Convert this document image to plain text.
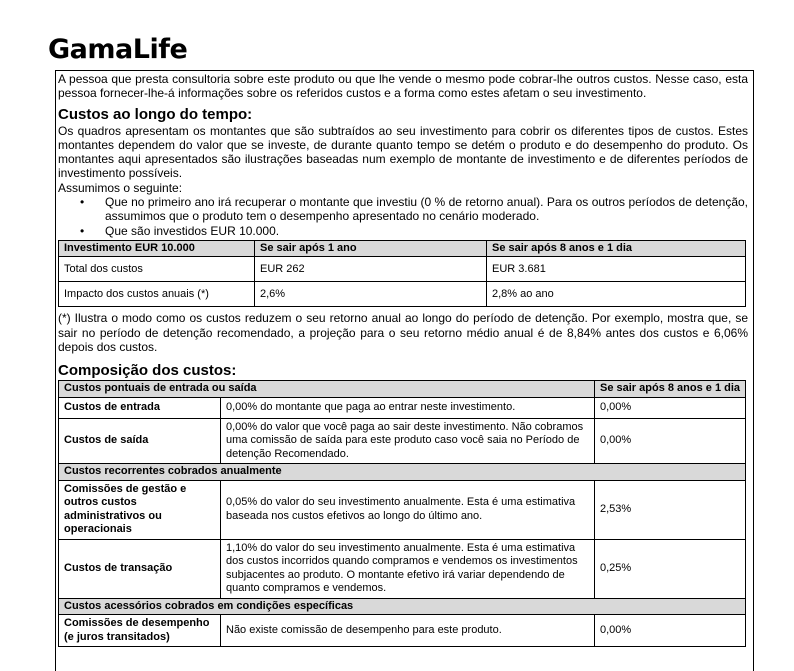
GamaLife

A pessoa que presta consultoria sobre este produto ou que lhe vende o mesmo pode cobrar-lhe outros custos. Nesse caso, esta pessoa fornecer-lhe-á informações sobre os referidos custos e a forma como estes afetam o seu investimento.

Custos ao longo do tempo:

Os quadros apresentam os montantes que são subtraídos ao seu investimento para cobrir os diferentes tipos de custos. Estes montantes dependem do valor que se investe, de durante quanto tempo se detém o produto e do desempenho do produto. Os montantes aqui apresentados são ilustrações baseadas num exemplo de montante de investimento e de diferentes períodos de investimento possíveis.

Assumimos o seguinte:

• Que no primeiro ano irá recuperar o montante que investiu (0 % de retorno anual). Para os outros períodos de detenção, assumimos que o produto tem o desempenho apresentado no cenário moderado.
• Que são investidos EUR 10.000.
Investimento EUR 10.000	Se sair após 1 ano	Se sair após 8 anos e 1 dia
Total dos custos	EUR 262	EUR 3.681
Impacto dos custos anuais (*)	2,6%	2,8% ao ano

(*) Ilustra o modo como os custos reduzem o seu retorno anual ao longo do período de detenção. Por exemplo, mostra que, se sair no período de detenção recomendado, a projeção para o seu retorno médio anual é de 8,84% antes dos custos e 6,06% depois dos custos.

Composição dos custos:
Custos pontuais de entrada ou saída		Se sair após 8 anos e 1 dia
Custos de entrada	0,00% do montante que paga ao entrar neste investimento.	0,00%
Custos de saída	0,00% do valor que você paga ao sair deste investimento. Não cobramos uma comissão de saída para este produto caso você saia no Período de detenção Recomendado.	0,00%
Custos recorrentes cobrados anualmente		
Comissões de gestão e outros custos administrativos ou operacionais	0,05% do valor do seu investimento anualmente. Esta é uma estimativa baseada nos custos efetivos ao longo do último ano.	2,53%
Custos de transação	1,10% do valor do seu investimento anualmente. Esta é uma estimativa dos custos incorridos quando compramos e vendemos os investimentos subjacentes ao produto. O montante efetivo irá variar dependendo de quanto compramos e vendemos.	0,25%
Custos acessórios cobrados em condições específicas		
Comissões de desempenho (e juros transitados)	Não existe comissão de desempenho para este produto.	0,00%
